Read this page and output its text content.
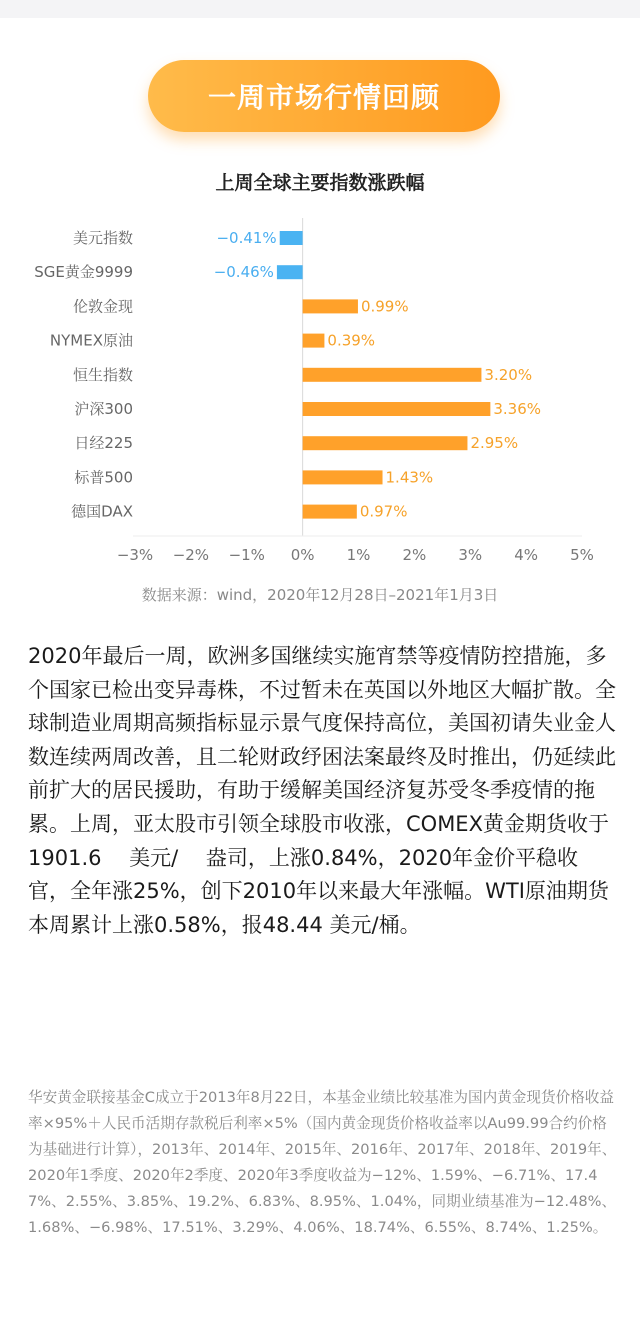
一周市场行情回顾
上周全球主要指数涨跌幅
美元指数	−0.41%
SGE黄金9999	−0.46%
伦敦金现	0.99%
NYMEX原油	0.39%
恒生指数	3.20%
沪深300	3.36%
日经225	2.95%
标普500	1.43%
德国DAX	0.97%
−3% −2% −1% 0% 1% 2% 3% 4% 5%
数据来源：wind，2020年12月28日–2021年1月3日

2020年最后一周，欧洲多国继续实施宵禁等疫情防控措施，多个国家已检出变异毒株，不过暂未在英国以外地区大幅扩散。全球制造业周期高频指标显示景气度保持高位，美国初请失业金人数连续两周改善，且二轮财政纾困法案最终及时推出，仍延续此前扩大的居民援助，有助于缓解美国经济复苏受冬季疫情的拖累。上周，亚太股市引领全球股市收涨，COMEX黄金期货收于1901.6　 美元/　 盎司，上涨0.84%，2020年金价平稳收官，全年涨25%，创下2010年以来最大年涨幅。WTI原油期货本周累计上涨0.58%，报48.44 美元/桶。

华安黄金联接基金C成立于2013年8月22日，本基金业绩比较基准为国内黄金现货价格收益率×95%＋人民币活期存款税后利率×5%（国内黄金现货价格收益率以Au99.99合约价格为基础进行计算），2013年、2014年、2015年、2016年、2017年、2018年、2019年、2020年1季度、2020年2季度、2020年3季度收益为−12%、1.59%、−6.71%、17.47%、2.55%、3.85%、19.2%、6.83%、8.95%、1.04%，同期业绩基准为−12.48%、1.68%、−6.98%、17.51%、3.29%、4.06%、18.74%、6.55%、8.74%、1.25%。
